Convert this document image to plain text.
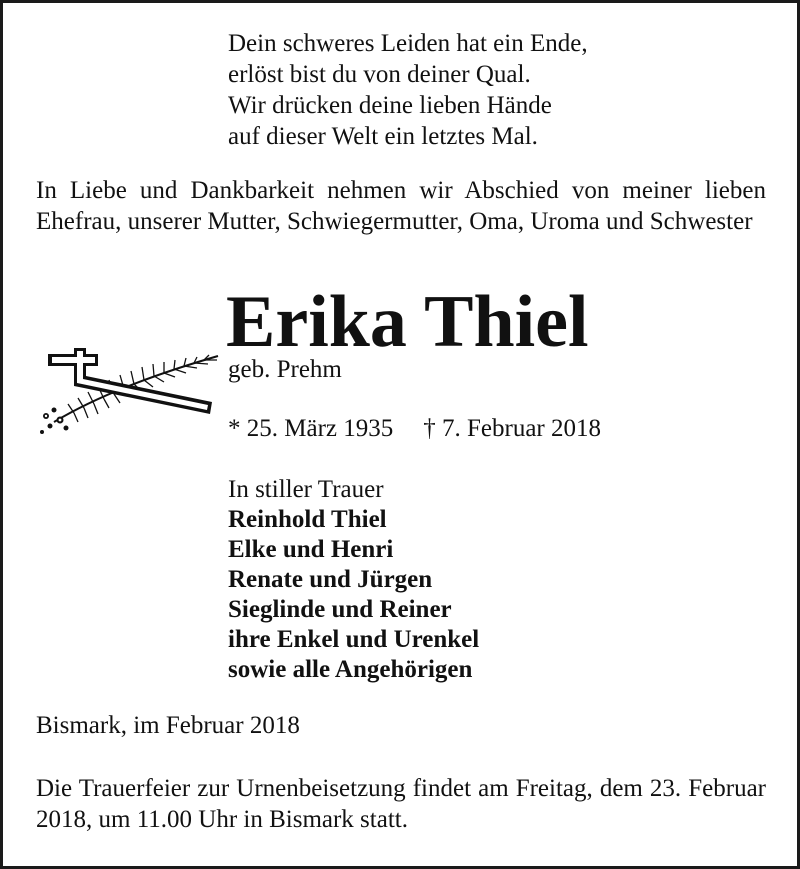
Dein schweres Leiden hat ein Ende,
erlöst bist du von deiner Qual.
Wir drücken deine lieben Hände
auf dieser Welt ein letztes Mal.
In Liebe und Dankbarkeit nehmen wir Abschied von meiner lieben Ehefrau, unserer Mutter, Schwiegermutter, Oma, Uroma und Schwester
Erika Thiel
geb. Prehm
* 25. März 1935 † 7. Februar 2018
In stiller Trauer
Reinhold Thiel
Elke und Henri
Renate und Jürgen
Sieglinde und Reiner
ihre Enkel und Urenkel
sowie alle Angehörigen
Bismark, im Februar 2018
Die Trauerfeier zur Urnenbeisetzung findet am Freitag, dem 23. Februar 2018, um 11.00 Uhr in Bismark statt.
